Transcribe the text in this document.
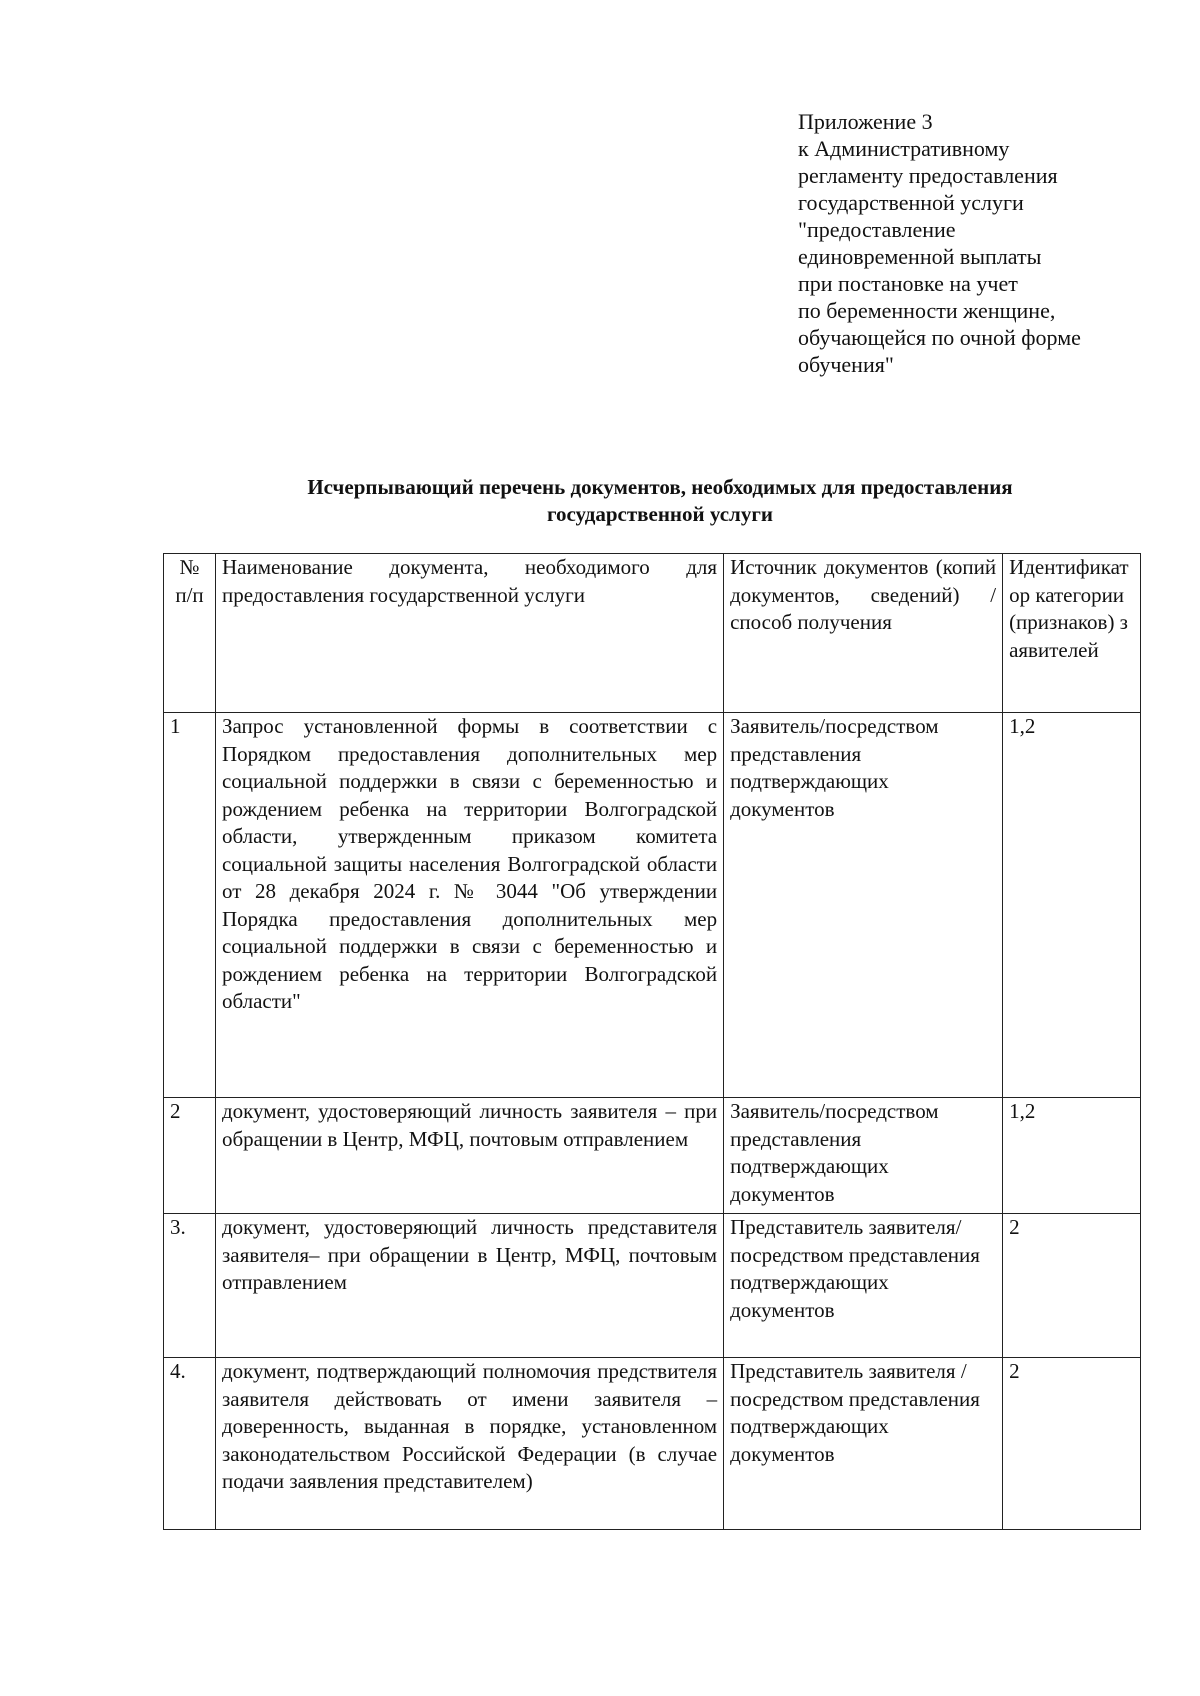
Приложение 3
к Административному
регламенту предоставления
государственной услуги
"предоставление
единовременной выплаты
при постановке на учет
по беременности женщине,
обучающейся по очной форме
обучения"
Исчерпывающий перечень документов, необходимых для предоставления
государственной услуги
№ п/п	Наименование документа, необходимого для предоставления государственной услуги	Источник документов (копий документов, сведений) / способ получения	Идентификатор категории (признаков) заявителей
1	Запрос установленной формы в соответствии с Порядком предоставления дополнительных мер социальной поддержки в связи с беременностью и рождением ребенка на территории Волгоградской области, утвержденным приказом комитета социальной защиты населения Волгоградской области от 28 декабря 2024 г. № 3044 "Об утверждении Порядка предоставления дополнительных мер социальной поддержки в связи с беременностью и рождением ребенка на территории Волгоградской области"	Заявитель/посредством представления подтверждающих документов	1,2
2	документ, удостоверяющий личность заявителя – при обращении в Центр, МФЦ, почтовым отправлением	Заявитель/посредством представления подтверждающих документов	1,2
3.	документ, удостоверяющий личность представителя заявителя– при обращении в Центр, МФЦ, почтовым отправлением	Представитель заявителя/посредством представления подтверждающих документов	2
4.	документ, подтверждающий полномочия предствителя заявителя действовать от имени заявителя – доверенность, выданная в порядке, установленном законодательством Российской Федерации (в случае подачи заявления представителем)	Представитель заявителя /посредством представления подтверждающих документов	2
